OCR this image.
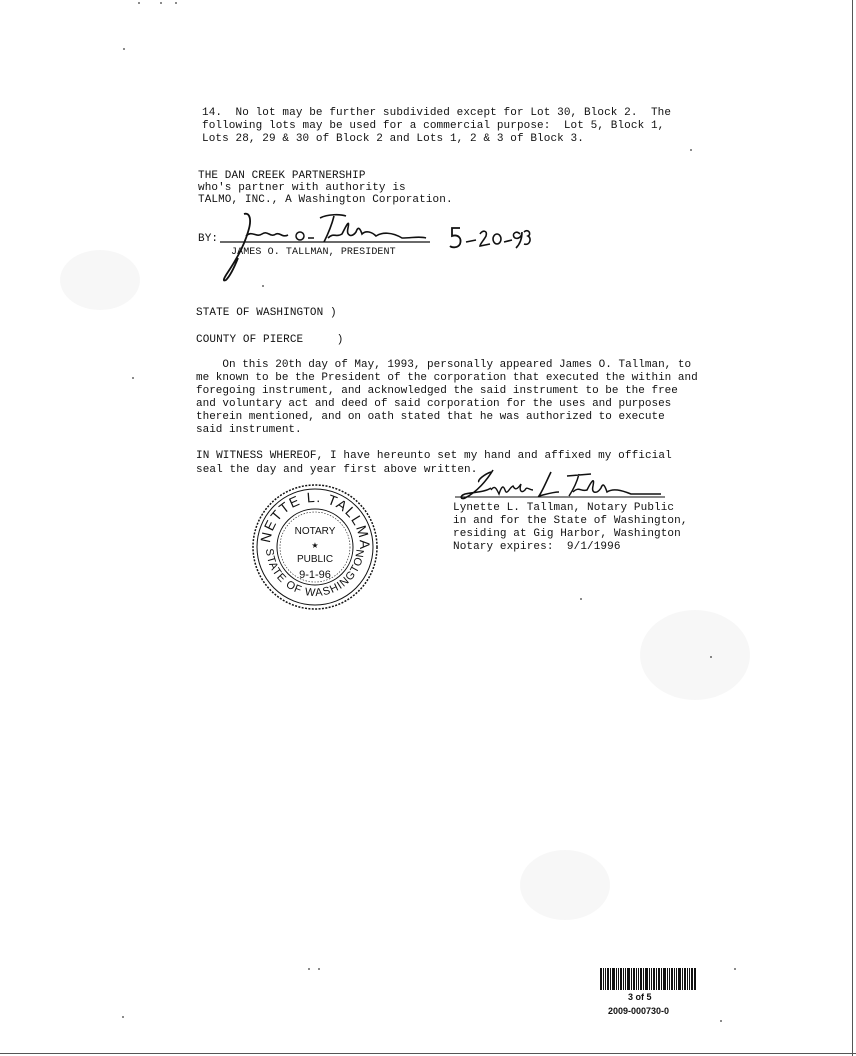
14.  No lot may be further subdivided except for Lot 30, Block 2.  The
following lots may be used for a commercial purpose:  Lot 5, Block 1,
Lots 28, 29 & 30 of Block 2 and Lots 1, 2 & 3 of Block 3.
THE DAN CREEK PARTNERSHIP
who's partner with authority is
TALMO, INC., A Washington Corporation.
BY:
JAMES O. TALLMAN, PRESIDENT
STATE OF WASHINGTON )
COUNTY OF PIERCE     )
On this 20th day of May, 1993, personally appeared James O. Tallman, to
me known to be the President of the corporation that executed the within and
foregoing instrument, and acknowledged the said instrument to be the free
and voluntary act and deed of said corporation for the uses and purposes
therein mentioned, and on oath stated that he was authorized to execute
said instrument.
IN WITNESS WHEREOF, I have hereunto set my hand and affixed my official
seal the day and year first above written.
Lynette L. Tallman, Notary Public
in and for the State of Washington,
residing at Gig Harbor, Washington
Notary expires:  9/1/1996
NETTE L. TALLMA
STATE OF WASHINGTON
NOTARY
★
PUBLIC
9-1-96
3 of 5
2009-000730-0
